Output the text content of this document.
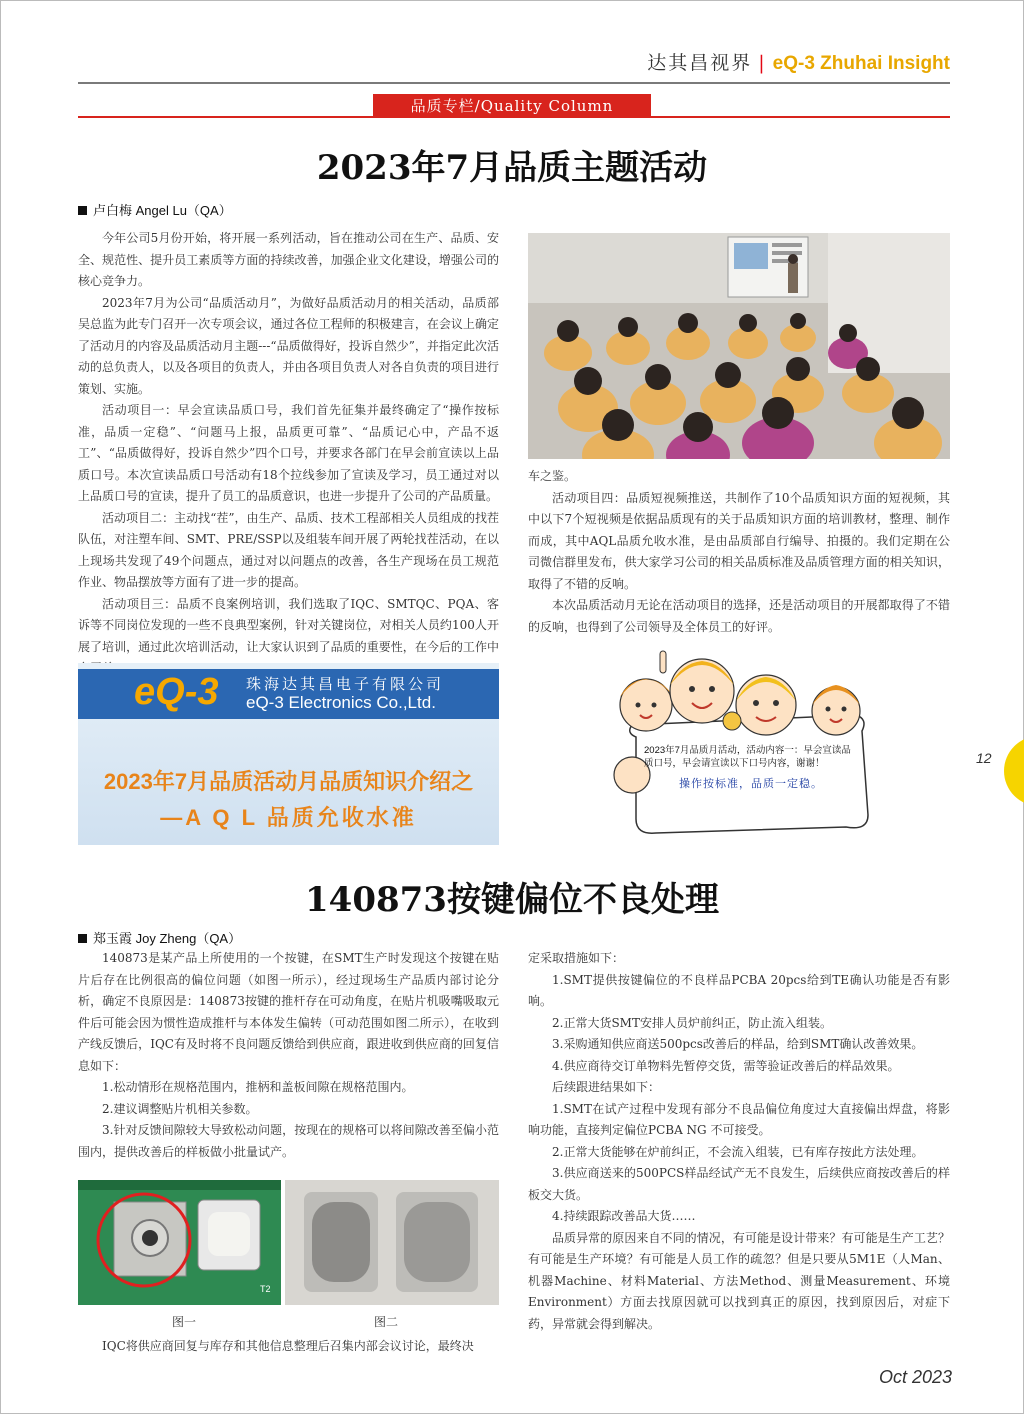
达其昌视界 | eQ-3 Zhuhai Insight
品质专栏/Quality Column
2023年7月品质主题活动
卢白梅 Angel Lu（QA）

今年公司5月份开始，将开展一系列活动，旨在推动公司在生产、品质、安全、规范性、提升员工素质等方面的持续改善，加强企业文化建设，增强公司的核心竞争力。

2023年7月为公司“品质活动月”，为做好品质活动月的相关活动，品质部吴总监为此专门召开一次专项会议，通过各位工程师的积极建言，在会议上确定了活动月的内容及品质活动月主题---“品质做得好，投诉自然少”，并指定此次活动的总负责人，以及各项目的负责人，并由各项目负责人对各自负责的项目进行策划、实施。

活动项目一：早会宣读品质口号，我们首先征集并最终确定了“操作按标准，品质一定稳”、“问题马上报，品质更可靠”、“品质记心中，产品不返工”、“品质做得好，投诉自然少”四个口号，并要求各部门在早会前宣读以上品质口号。本次宣读品质口号活动有18个拉线参加了宣读及学习，员工通过对以上品质口号的宣读，提升了员工的品质意识，也进一步提升了公司的产品质量。

活动项目二：主动找“茬”，由生产、品质、技术工程部相关人员组成的找茬队伍，对注塑车间、SMT、PRE/SSP以及组装车间开展了两轮找茬活动，在以上现场共发现了49个问题点，通过对以问题点的改善，各生产现场在员工规范作业、物品摆放等方面有了进一步的提高。

活动项目三：品质不良案例培训，我们选取了IQC、SMTQC、PQA、客诉等不同岗位发现的一些不良典型案例，针对关键岗位，对相关人员约100人开展了培训，通过此次培训活动，让大家认识到了品质的重要性，在今后的工作中

车之鉴。

活动项目四：品质短视频推送，共制作了10个品质知识方面的短视频，其中以下7个短视频是依据品质现有的关于品质知识方面的培训教材，整理、制作而成，其中AQL品质允收水准，是由品质部自行编导、拍摄的。我们定期在公司微信群里发布，供大家学习公司的相关品质标准及品质管理方面的相关知识，取得了不错的反响。

本次品质活动月无论在活动项目的选择，还是活动项目的开展都取得了不错的反响，也得到了公司领导及全体员工的好评。

eQ-3 珠海达其昌电子有限公司
eQ-3 Electronics Co.,Ltd.
2023年7月品质活动月品质知识介绍之
—A Q L 品质允收水准
2023年7月品质月活动，活动内容一：早会宣读品质口号，早会请宣读以下口号内容，谢谢！
操作按标准，品质一定稳。
12
140873按键偏位不良处理
郑玉霞 Joy Zheng（QA）

140873是某产品上所使用的一个按键，在SMT生产时发现这个按键在贴片后存在比例很高的偏位问题（如图一所示），经过现场生产品质内部讨论分析，确定不良原因是：140873按键的推杆存在可动角度，在贴片机吸嘴吸取元件后可能会因为惯性造成推杆与本体发生偏转（可动范围如图二所示），在收到产线反馈后，IQC有及时将不良问题反馈给到供应商，跟进收到供应商的回复信息如下：

1.松动情形在规格范围内，推柄和盖板间隙在规格范围内。

2.建议调整贴片机相关参数。

3.针对反馈间隙较大导致松动问题，按现在的规格可以将间隙改善至偏小范围内，提供改善后的样板做小批量试产。

T2
图一	图二

IQC将供应商回复与库存和其他信息整理后召集内部会议讨论，最终决

定采取措施如下：

1.SMT提供按键偏位的不良样品PCBA 20pcs给到TE确认功能是否有影响。

2.正常大货SMT安排人员炉前纠正，防止流入组装。

3.采购通知供应商送500pcs改善后的样品，给到SMT确认改善效果。

4.供应商待交订单物料先暂停交货，需等验证改善后的样品效果。

后续跟进结果如下：

1.SMT在试产过程中发现有部分不良品偏位角度过大直接偏出焊盘，将影响功能，直接判定偏位PCBA NG 不可接受。

2.正常大货能够在炉前纠正，不会流入组装，已有库存按此方法处理。

3.供应商送来的500PCS样品经试产无不良发生，后续供应商按改善后的样板交大货。

4.持续跟踪改善品大货……

品质异常的原因来自不同的情况，有可能是设计带来？有可能是生产工艺？有可能是生产环境？有可能是人员工作的疏忽？但是只要从5M1E（人Man、机器Machine、材料Material、方法Method、测量Measurement、环境Environment）方面去找原因就可以找到真正的原因，找到原因后，对症下药，异常就会得到解决。

Oct 2023
